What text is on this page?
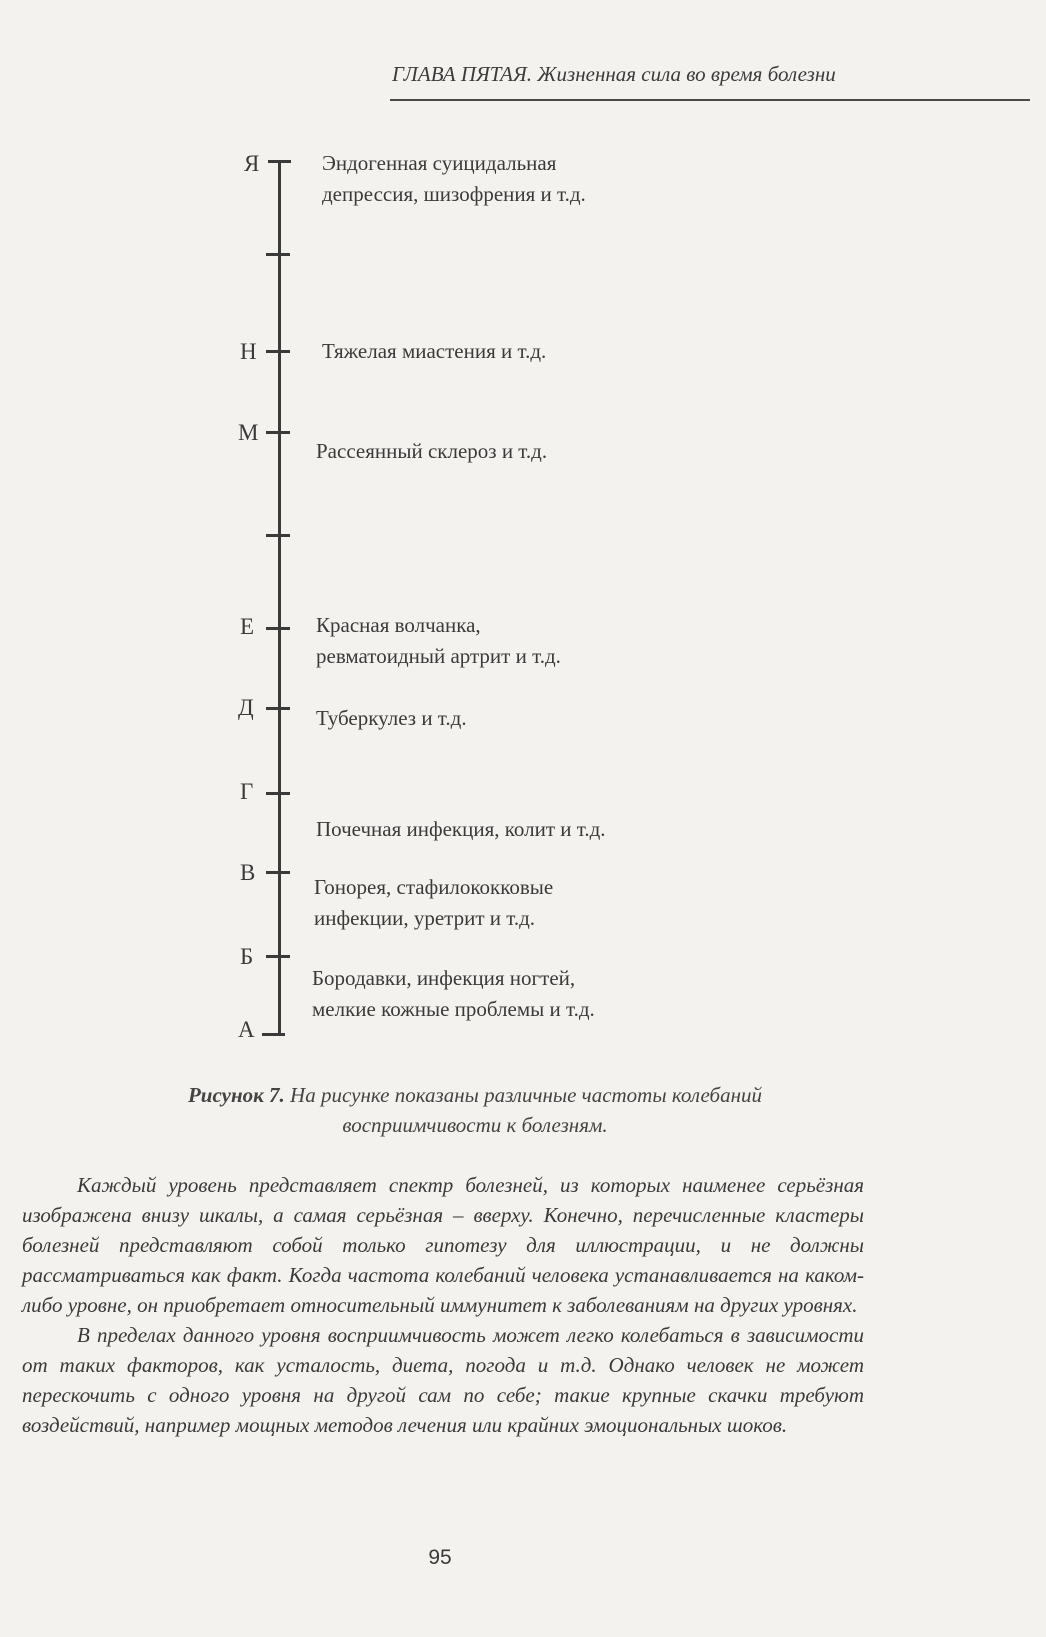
ГЛАВА ПЯТАЯ. Жизненная сила во время болезни
Я
Н
М
Е
Д
Г
В
Б
А
Эндогенная суицидальная
депрессия, шизофрения и т.д.
Тяжелая миастения и т.д.
Рассеянный склероз и т.д.
Красная волчанка,
ревматоидный артрит и т.д.
Туберкулез и т.д.
Почечная инфекция, колит и т.д.
Гонорея, стафилококковые
инфекции, уретрит и т.д.
Бородавки, инфекция ногтей,
мелкие кожные проблемы и т.д.
Рисунок 7. На рисунке показаны различные частоты колебаний восприимчивости к болезням.

Каждый уровень представляет спектр болезней, из которых наименее серьёзная изображена внизу шкалы, а самая серьёзная – вверху. Конечно, перечисленные кластеры болезней представляют собой только гипотезу для иллюстрации, и не должны рассматриваться как факт. Когда частота колебаний человека устанавливается на каком-либо уровне, он приобретает относительный иммунитет к заболеваниям на других уровнях.

В пределах данного уровня восприимчивость может легко колебаться в зависимости от таких факторов, как усталость, диета, погода и т.д. Однако человек не может перескочить с одного уровня на другой сам по себе; такие крупные скачки требуют воздействий, например мощных методов лечения или крайних эмоциональных шоков.

95
